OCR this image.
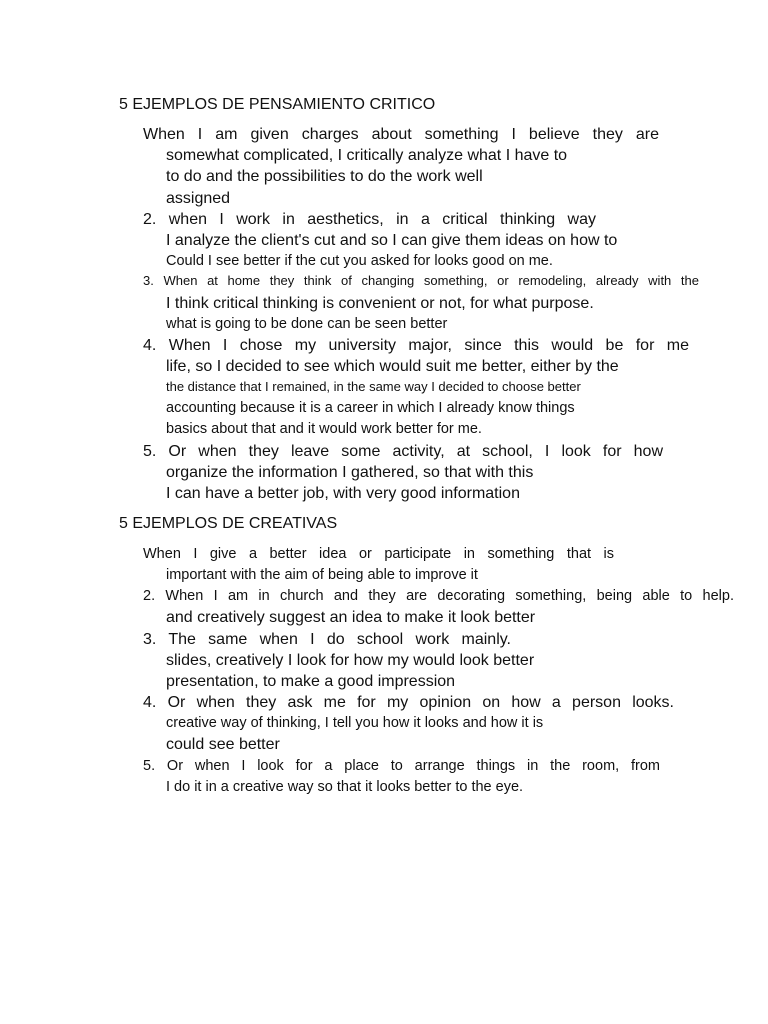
5 EJEMPLOS DE PENSAMIENTO CRITICO
When I am given charges about something I believe they are
somewhat complicated, I critically analyze what I have to
to do and the possibilities to do the work well
assigned
2. when I work in aesthetics, in a critical thinking way
I analyze the client's cut and so I can give them ideas on how to
Could I see better if the cut you asked for looks good on me.
3. When at home they think of changing something, or remodeling, already with the
I think critical thinking is convenient or not, for what purpose.
what is going to be done can be seen better
4. When I chose my university major, since this would be for me
life, so I decided to see which would suit me better, either by the
the distance that I remained, in the same way I decided to choose better
accounting because it is a career in which I already know things
basics about that and it would work better for me.
5. Or when they leave some activity, at school, I look for how
organize the information I gathered, so that with this
I can have a better job, with very good information
5 EJEMPLOS DE CREATIVAS
When I give a better idea or participate in something that is
important with the aim of being able to improve it
2. When I am in church and they are decorating something, being able to help.
and creatively suggest an idea to make it look better
3. The same when I do school work mainly.
slides, creatively I look for how my would look better
presentation, to make a good impression
4. Or when they ask me for my opinion on how a person looks.
creative way of thinking, I tell you how it looks and how it is
could see better
5. Or when I look for a place to arrange things in the room, from
I do it in a creative way so that it looks better to the eye.
